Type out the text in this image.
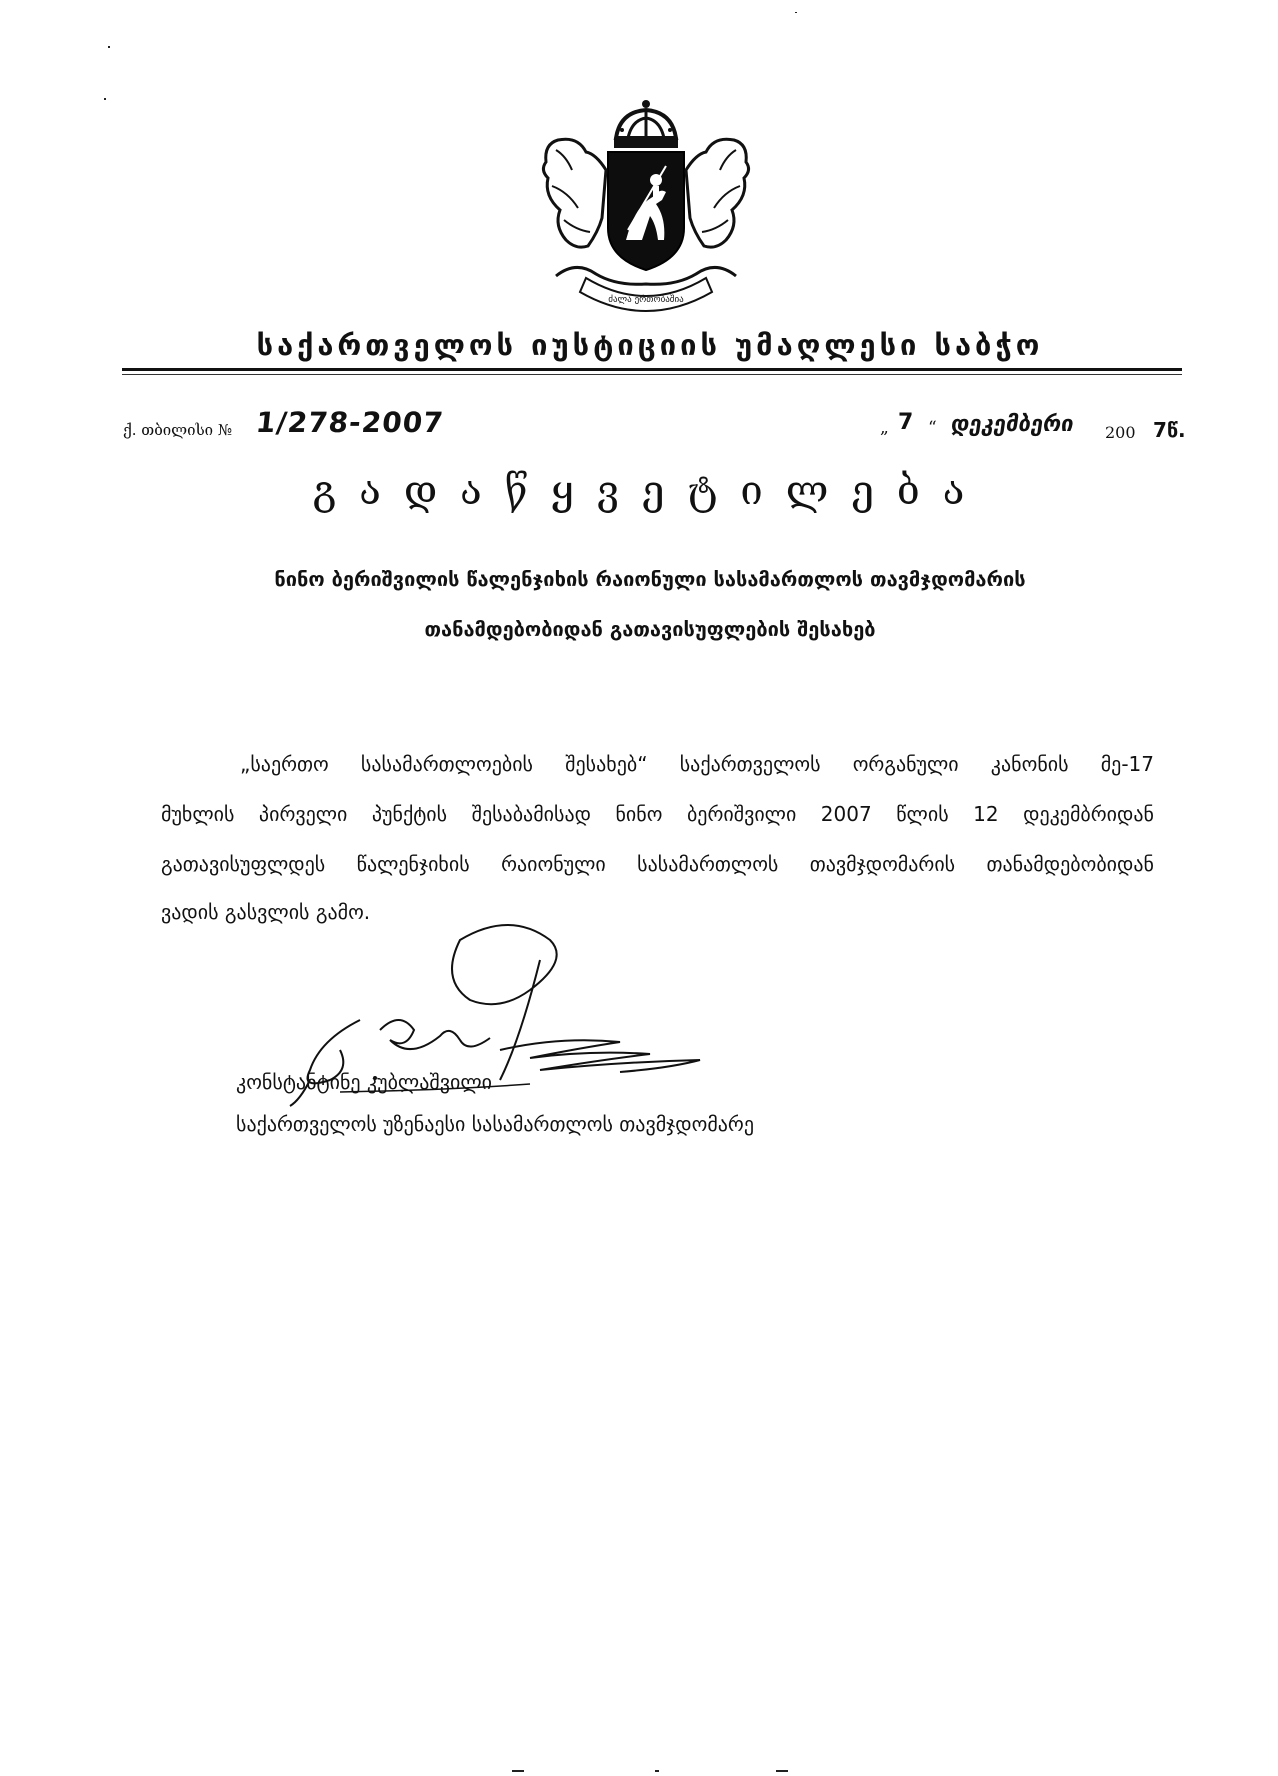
ძალა ერთობაშია
საქართველოს იუსტიციის უმაღლესი საბჭო
ქ. თბილისი № 1/278-2007	„ 7 “ დეკემბერი 200 7წ.
გადაწყვეტილება
ნინო ბერიშვილის წალენჯიხის რაიონული სასამართლოს თავმჯდომარის
თანამდებობიდან გათავისუფლების შესახებ
„საერთო სასამართლოების შესახებ“ საქართველოს ორგანული კანონის მე-17
მუხლის პირველი პუნქტის შესაბამისად ნინო ბერიშვილი 2007 წლის 12 დეკემბრიდან
გათავისუფლდეს წალენჯიხის რაიონული სასამართლოს თავმჯდომარის თანამდებობიდან
ვადის გასვლის გამო.
კონსტანტინე კუბლაშვილი
საქართველოს უზენაესი სასამართლოს თავმჯდომარე
